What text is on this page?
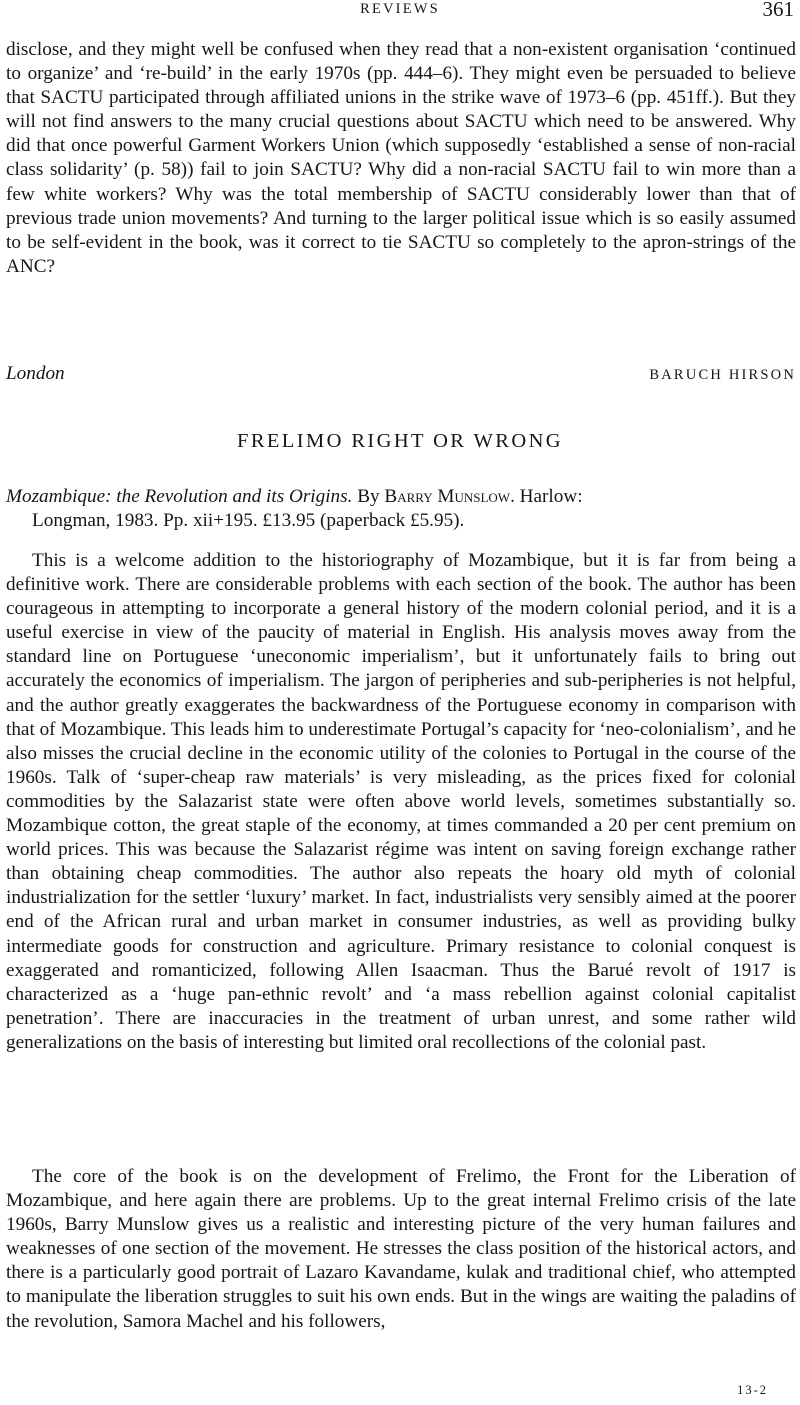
REVIEWS	361

disclose, and they might well be confused when they read that a non-existent organisation ‘continued to organize’ and ‘re-build’ in the early 1970s (pp. 444–6). They might even be persuaded to believe that SACTU participated through affiliated unions in the strike wave of 1973–6 (pp. 451ff.). But they will not find answers to the many crucial questions about SACTU which need to be answered. Why did that once powerful Garment Workers Union (which supposedly ‘established a sense of non-racial class solidarity’ (p. 58)) fail to join SACTU? Why did a non-racial SACTU fail to win more than a few white workers? Why was the total membership of SACTU considerably lower than that of previous trade union movements? And turning to the larger political issue which is so easily assumed to be self-evident in the book, was it correct to tie SACTU so completely to the apron-strings of the ANC?

London	BARUCH HIRSON
FRELIMO RIGHT OR WRONG
Mozambique: the Revolution and its Origins. By Barry Munslow. Harlow:
Longman, 1983. Pp. xii+195. £13.95 (paperback £5.95).

This is a welcome addition to the historiography of Mozambique, but it is far from being a definitive work. There are considerable problems with each section of the book. The author has been courageous in attempting to incorporate a general history of the modern colonial period, and it is a useful exercise in view of the paucity of material in English. His analysis moves away from the standard line on Portuguese ‘uneconomic imperialism’, but it unfortunately fails to bring out accurately the economics of imperialism. The jargon of peripheries and sub-peripheries is not helpful, and the author greatly exaggerates the backwardness of the Portuguese economy in comparison with that of Mozambique. This leads him to underestimate Portugal’s capacity for ‘neo-colonialism’, and he also misses the crucial decline in the economic utility of the colonies to Portugal in the course of the 1960s. Talk of ‘super-cheap raw materials’ is very misleading, as the prices fixed for colonial commodities by the Salazarist state were often above world levels, sometimes substantially so. Mozambique cotton, the great staple of the economy, at times commanded a 20 per cent premium on world prices. This was because the Salazarist régime was intent on saving foreign exchange rather than obtaining cheap commodities. The author also repeats the hoary old myth of colonial industrialization for the settler ‘luxury’ market. In fact, industrialists very sensibly aimed at the poorer end of the African rural and urban market in consumer industries, as well as providing bulky intermediate goods for construction and agriculture. Primary resistance to colonial conquest is exaggerated and romanticized, following Allen Isaacman. Thus the Barué revolt of 1917 is characterized as a ‘huge pan-ethnic revolt’ and ‘a mass rebellion against colonial capitalist penetration’. There are inaccuracies in the treatment of urban unrest, and some rather wild generalizations on the basis of interesting but limited oral recollections of the colonial past.

The core of the book is on the development of Frelimo, the Front for the Liberation of Mozambique, and here again there are problems. Up to the great internal Frelimo crisis of the late 1960s, Barry Munslow gives us a realistic and interesting picture of the very human failures and weaknesses of one section of the movement. He stresses the class position of the historical actors, and there is a particularly good portrait of Lazaro Kavandame, kulak and traditional chief, who attempted to manipulate the liberation struggles to suit his own ends. But in the wings are waiting the paladins of the revolution, Samora Machel and his followers,

13-2
